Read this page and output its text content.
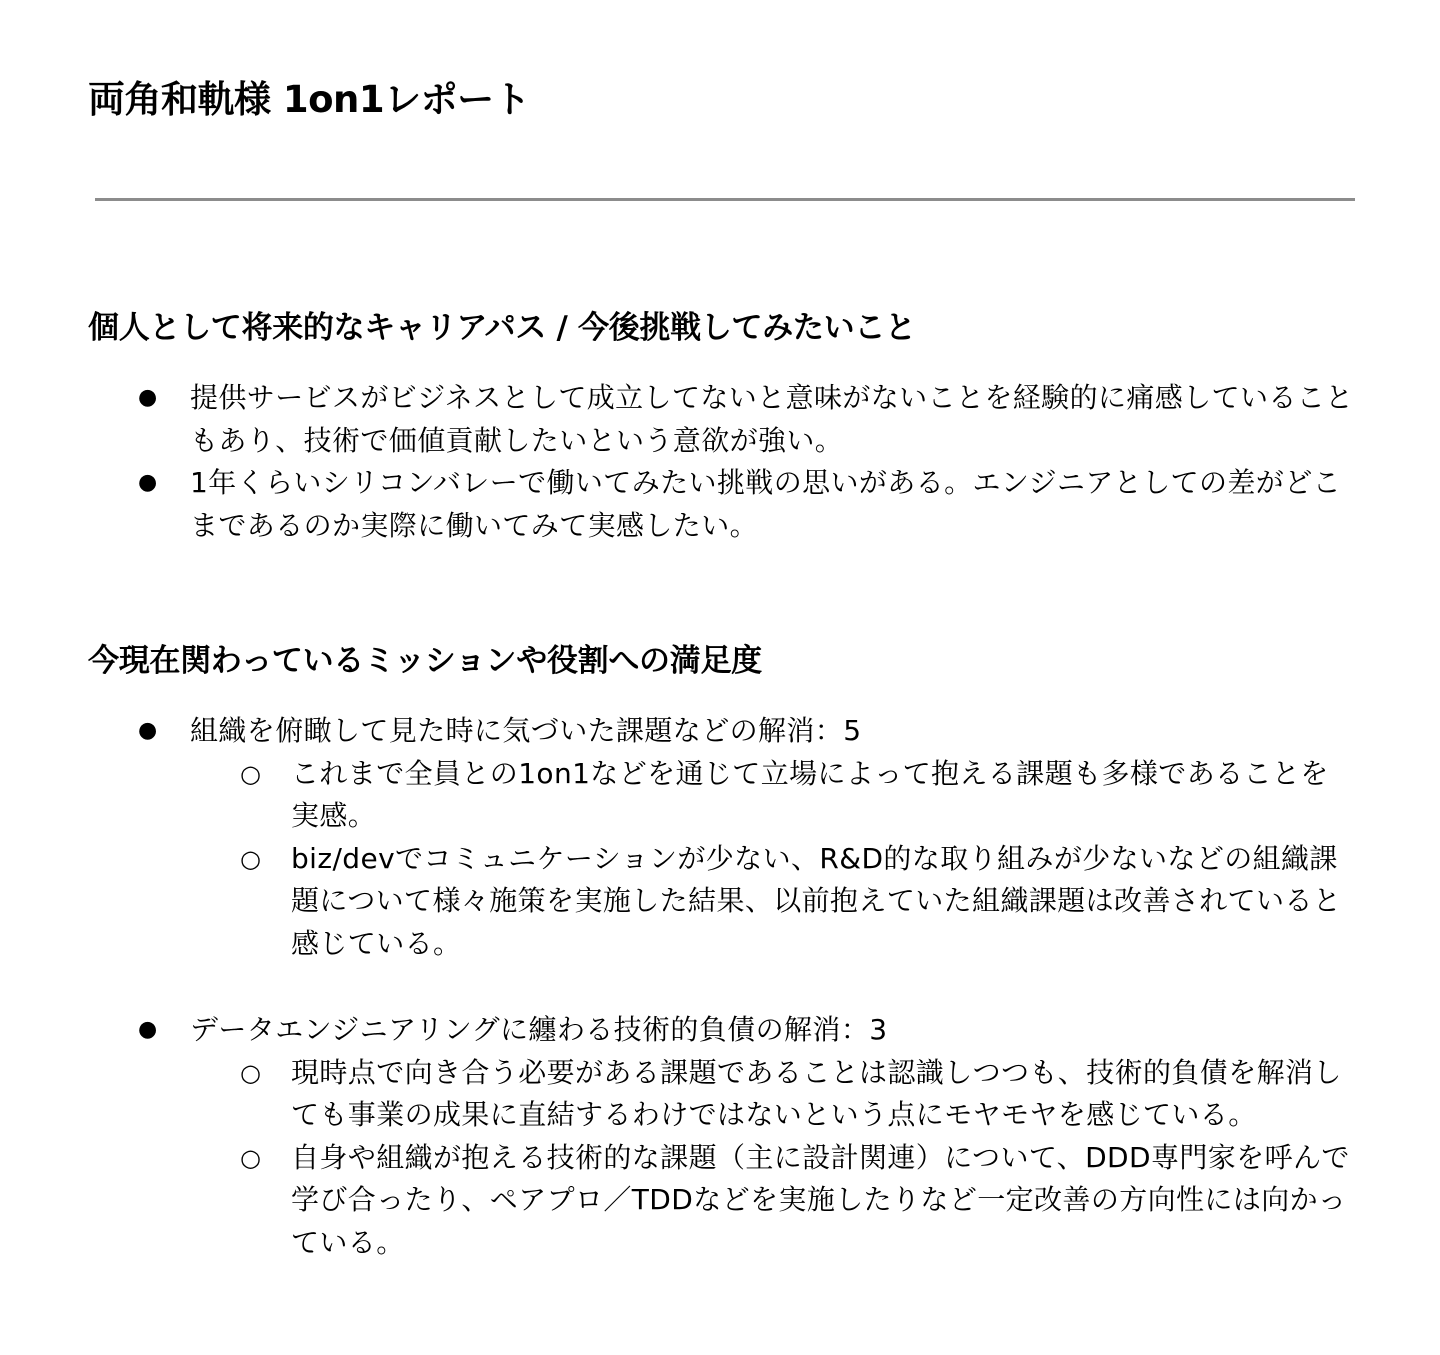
両角和軌様 1on1レポート
個人として将来的なキャリアパス / 今後挑戦してみたいこと
● 提供サービスがビジネスとして成立してないと意味がないことを経験的に痛感していることもあり、技術で価値貢献したいという意欲が強い。
● 1年くらいシリコンバレーで働いてみたい挑戦の思いがある。エンジニアとしての差がどこまであるのか実際に働いてみて実感したい。
今現在関わっているミッションや役割への満足度
● 組織を俯瞰して見た時に気づいた課題などの解消：5
○ これまで全員との1on1などを通じて立場によって抱える課題も多様であることを実感。
○ biz/devでコミュニケーションが少ない、R&D的な取り組みが少ないなどの組織課題について様々施策を実施した結果、以前抱えていた組織課題は改善されていると感じている。
● データエンジニアリングに纏わる技術的負債の解消：3
○ 現時点で向き合う必要がある課題であることは認識しつつも、技術的負債を解消しても事業の成果に直結するわけではないという点にモヤモヤを感じている。
○ 自身や組織が抱える技術的な課題（主に設計関連）について、DDD専門家を呼んで学び合ったり、ペアプロ／TDDなどを実施したりなど一定改善の方向性には向かっている。
